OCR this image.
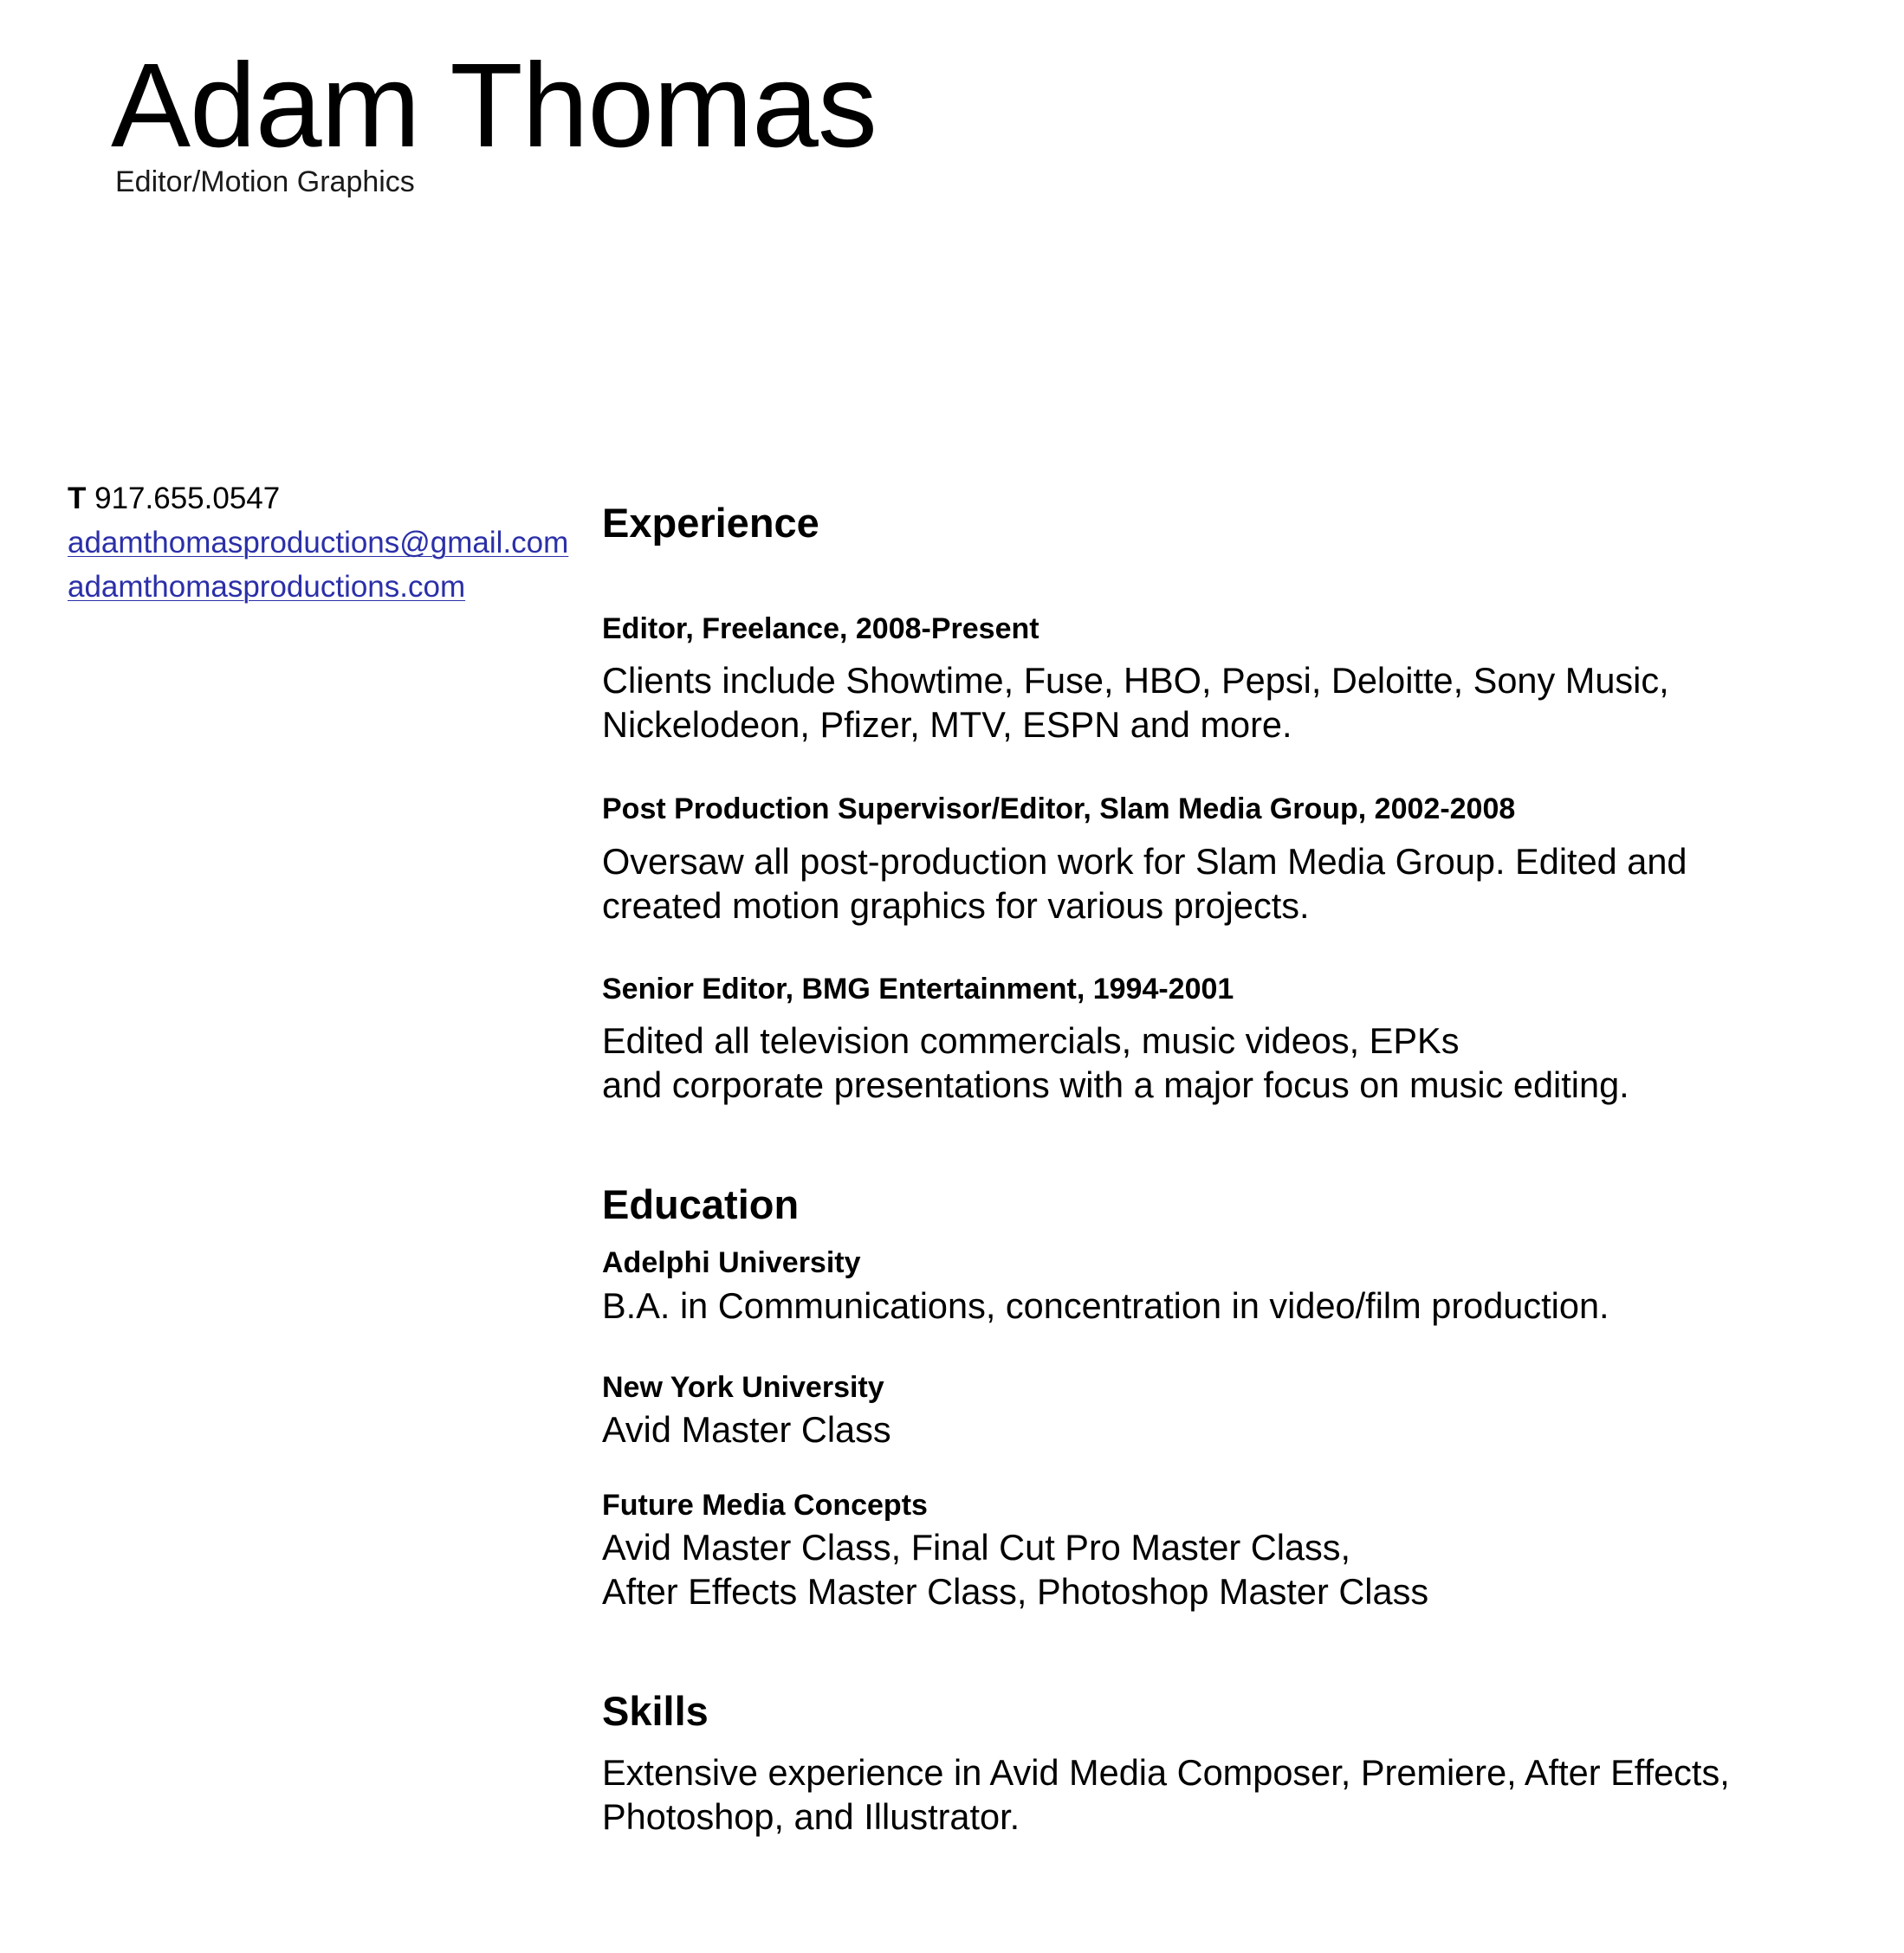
Adam Thomas

Editor/Motion Graphics

T 917.655.0547
adamthomasproductions@gmail.com
adamthomasproductions.com
Experience
Editor, Freelance, 2008-Present

Clients include Showtime, Fuse, HBO, Pepsi, Deloitte, Sony Music,

Nickelodeon, Pfizer, MTV, ESPN and more.

Post Production Supervisor/Editor, Slam Media Group, 2002-2008

Oversaw all post-production work for Slam Media Group. Edited and

created motion graphics for various projects.

Senior Editor, BMG Entertainment, 1994-2001

Edited all television commercials, music videos, EPKs

and corporate presentations with a major focus on music editing.

Education
Adelphi University

B.A. in Communications, concentration in video/film production.

New York University

Avid Master Class

Future Media Concepts

Avid Master Class, Final Cut Pro Master Class,

After Effects Master Class, Photoshop Master Class

Skills

Extensive experience in Avid Media Composer, Premiere, After Effects,

Photoshop, and Illustrator.
